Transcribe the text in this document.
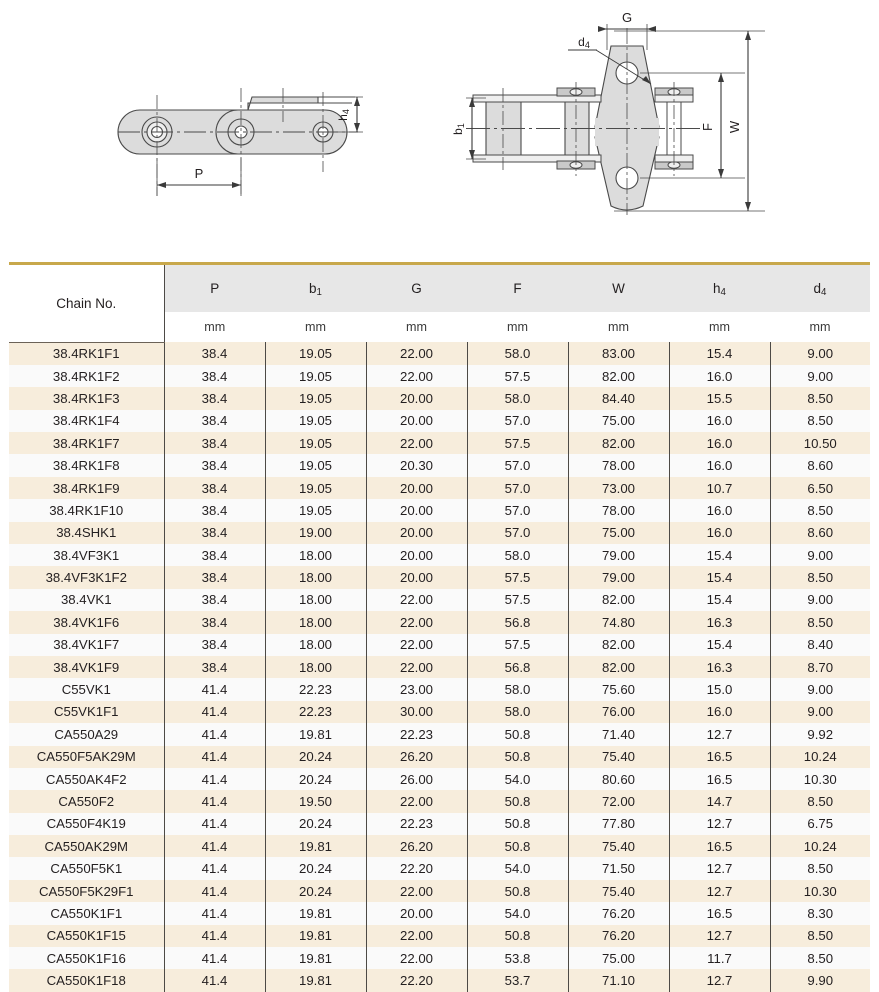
P
h4
G
d4
b1	F W
Chain No.	P	$b_1$	G	F	W	$h_4$	$d_4$
	mm	mm	mm	mm	mm	mm	mm
38.4RK1F1	38.4	19.05	22.00	58.0	83.00	15.4	9.00
38.4RK1F2	38.4	19.05	22.00	57.5	82.00	16.0	9.00
38.4RK1F3	38.4	19.05	20.00	58.0	84.40	15.5	8.50
38.4RK1F4	38.4	19.05	20.00	57.0	75.00	16.0	8.50
38.4RK1F7	38.4	19.05	22.00	57.5	82.00	16.0	10.50
38.4RK1F8	38.4	19.05	20.30	57.0	78.00	16.0	8.60
38.4RK1F9	38.4	19.05	20.00	57.0	73.00	10.7	6.50
38.4RK1F10	38.4	19.05	20.00	57.0	78.00	16.0	8.50
38.4SHK1	38.4	19.00	20.00	57.0	75.00	16.0	8.60
38.4VF3K1	38.4	18.00	20.00	58.0	79.00	15.4	9.00
38.4VF3K1F2	38.4	18.00	20.00	57.5	79.00	15.4	8.50
38.4VK1	38.4	18.00	22.00	57.5	82.00	15.4	9.00
38.4VK1F6	38.4	18.00	22.00	56.8	74.80	16.3	8.50
38.4VK1F7	38.4	18.00	22.00	57.5	82.00	15.4	8.40
38.4VK1F9	38.4	18.00	22.00	56.8	82.00	16.3	8.70
C55VK1	41.4	22.23	23.00	58.0	75.60	15.0	9.00
C55VK1F1	41.4	22.23	30.00	58.0	76.00	16.0	9.00
CA550A29	41.4	19.81	22.23	50.8	71.40	12.7	9.92
CA550F5AK29M	41.4	20.24	26.20	50.8	75.40	16.5	10.24
CA550AK4F2	41.4	20.24	26.00	54.0	80.60	16.5	10.30
CA550F2	41.4	19.50	22.00	50.8	72.00	14.7	8.50
CA550F4K19	41.4	20.24	22.23	50.8	77.80	12.7	6.75
CA550AK29M	41.4	19.81	26.20	50.8	75.40	16.5	10.24
CA550F5K1	41.4	20.24	22.20	54.0	71.50	12.7	8.50
CA550F5K29F1	41.4	20.24	22.00	50.8	75.40	12.7	10.30
CA550K1F1	41.4	19.81	20.00	54.0	76.20	16.5	8.30
CA550K1F15	41.4	19.81	22.00	50.8	76.20	12.7	8.50
CA550K1F16	41.4	19.81	22.00	53.8	75.00	11.7	8.50
CA550K1F18	41.4	19.81	22.20	53.7	71.10	12.7	9.90
